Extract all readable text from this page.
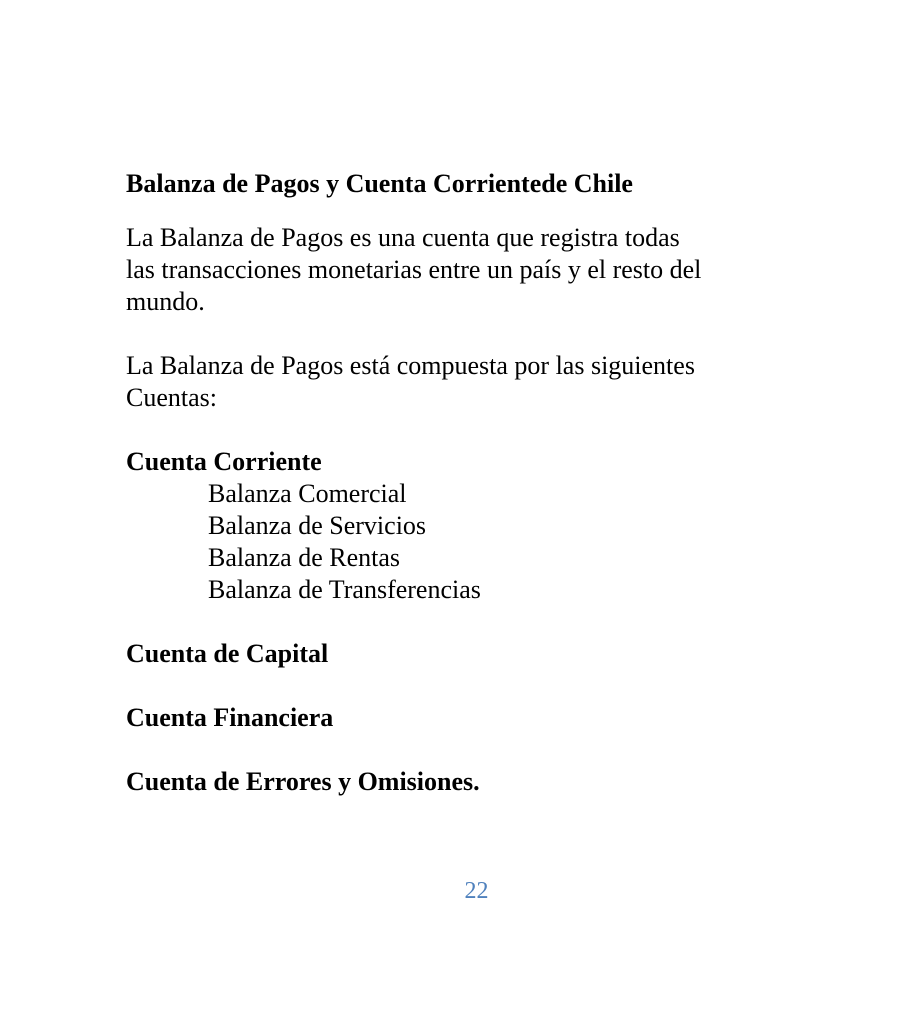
Balanza de Pagos y Cuenta Corrientede Chile

La Balanza de Pagos es una cuenta que registra todas
las transacciones monetarias entre un país y el resto del
mundo.

La Balanza de Pagos está compuesta por las siguientes
Cuentas:

Cuenta Corriente

Balanza Comercial
Balanza de Servicios
Balanza de Rentas
Balanza de Transferencias

Cuenta de Capital

Cuenta Financiera

Cuenta de Errores y Omisiones.

22
